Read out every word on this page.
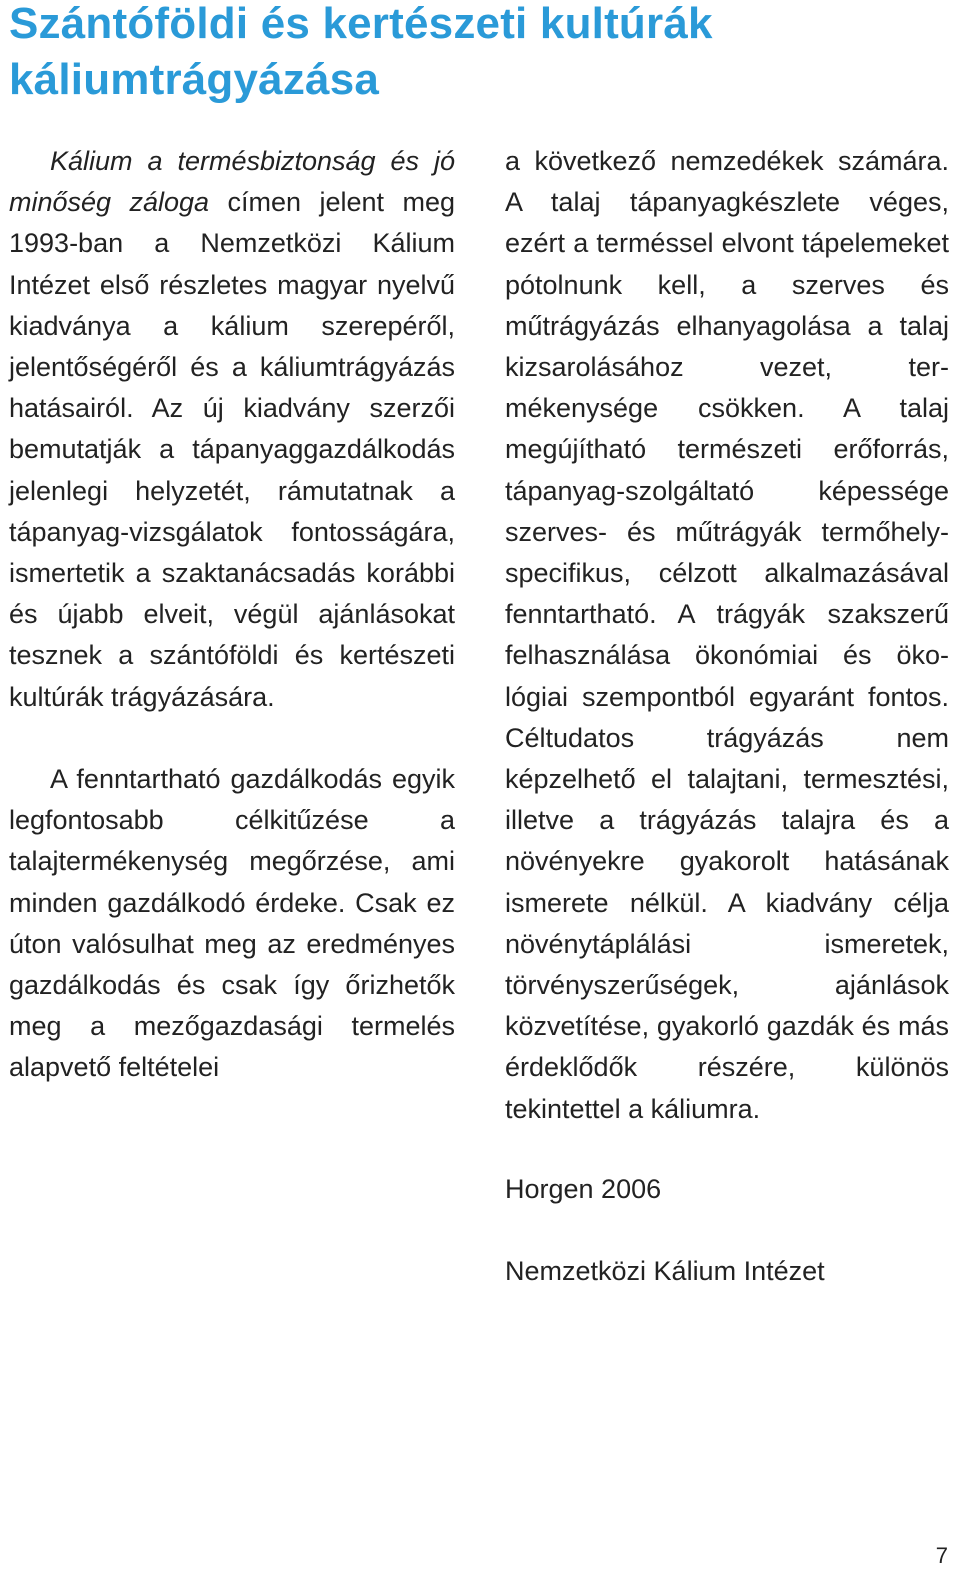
Szántóföldi és kertészeti kultúrák
káliumtrágyázása

Kálium a termésbiztonság és jó minőség záloga címen jelent meg 1993-ban a Nemzetközi Kálium Intézet első részletes magyar nyelvű kiadványa a kálium szerepéről, jelentőségéről és a káliumtrágyázás hatásairól. Az új kiadvány szerzői bemutatják a tápanyaggazdálkodás jelenlegi helyzetét, rámutatnak a tápanyag-vizsgálatok fontosságára, ismertetik a szaktanácsadás korábbi és újabb elveit, végül ajánlásokat tesznek a szántóföldi és kertészeti kultúrák trágyázására.

A fenntartható gazdálkodás egyik legfontosabb célkitűzése a talajtermékenység megőrzése, ami minden gazdálkodó érdeke. Csak ez úton valósulhat meg az eredményes gazdálkodás és csak így őrizhetők meg a mezőgazdasági termelés alapvető feltételei

a következő nemzedékek számára. A talaj tápanyagkészlete véges, ezért a terméssel elvont tápelemeket pótolnunk kell, a szerves és műtrágyázás elhanyagolása a talaj kizsarolásához vezet, termékenysége csökken. A talaj megújítható természeti erőforrás, tápanyag-szolgáltató képessége szerves- és műtrágyák termőhelyspecifikus, célzott alkalmazásával fenntartható. A trágyák szakszerű felhasználása ökonómiai és ökológiai szempontból egyaránt fontos. Céltudatos trágyázás nem képzelhető el talajtani, termesztési, illetve a trágyázás talajra és a növényekre gyakorolt hatásának ismerete nélkül. A kiadvány célja növénytáplálási ismeretek, törvényszerűségek, ajánlások közvetítése, gyakorló gazdák és más érdeklődők részére, különös tekintettel a káliumra.

Horgen 2006

Nemzetközi Kálium Intézet

7
